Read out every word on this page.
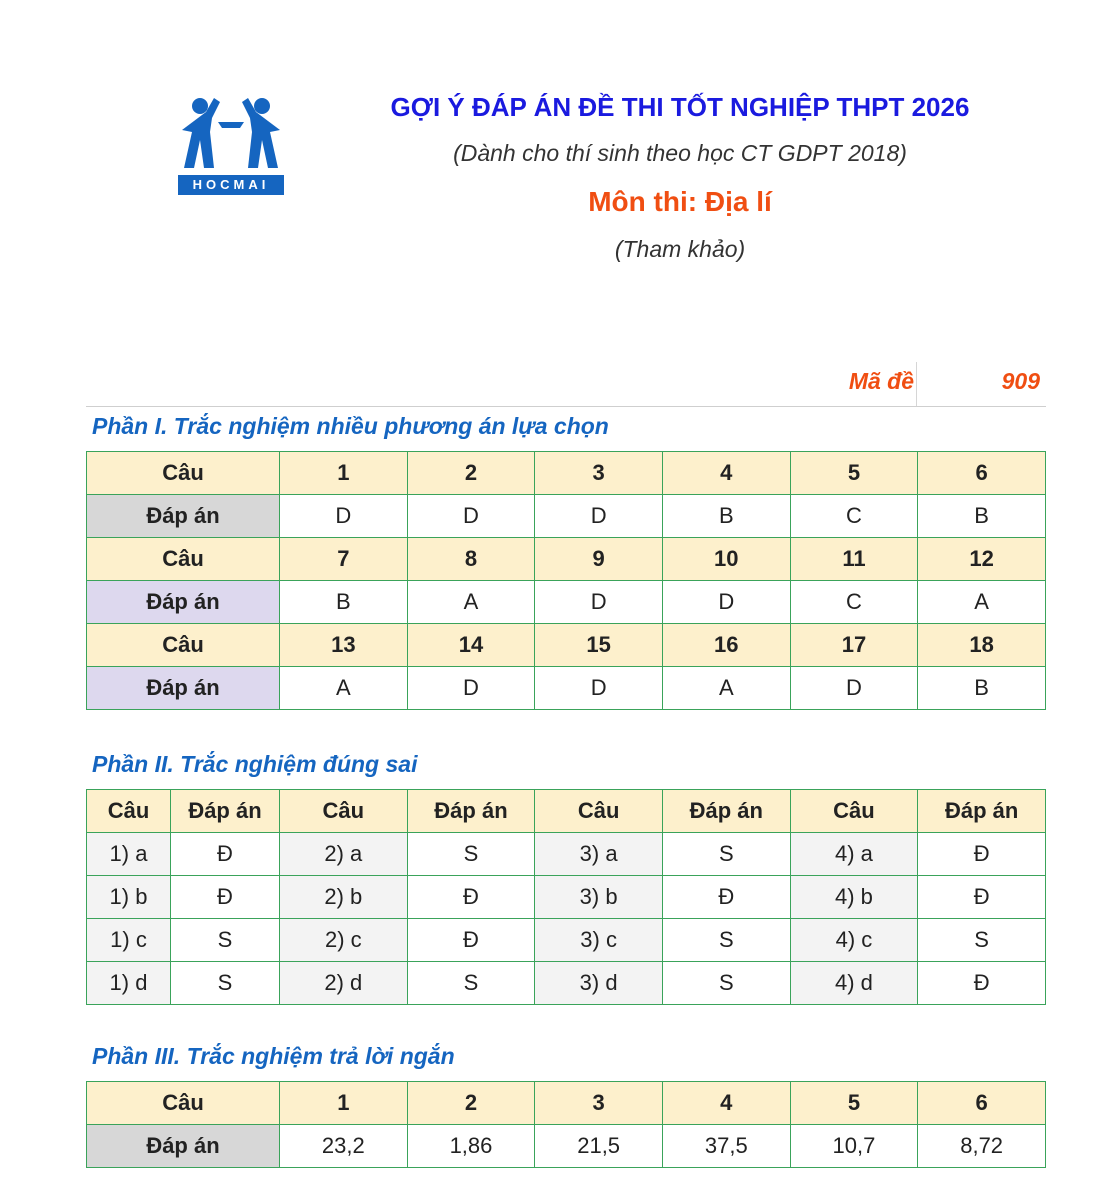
HOCMAI
GỢI Ý ĐÁP ÁN ĐỀ THI TỐT NGHIỆP THPT 2026
(Dành cho thí sinh theo học CT GDPT 2018)
Môn thi: Địa lí
(Tham khảo)
Mã đề	909
Phần I. Trắc nghiệm nhiều phương án lựa chọn
Câu	1	2	3	4	5	6
Đáp án	D	D	D	B	C	B
Câu	7	8	9	10	11	12
Đáp án	B	A	D	D	C	A
Câu	13	14	15	16	17	18
Đáp án	A	D	D	A	D	B
Phần II. Trắc nghiệm đúng sai
Câu	Đáp án	Câu	Đáp án	Câu	Đáp án	Câu	Đáp án
1) a	Đ	2) a	S	3) a	S	4) a	Đ
1) b	Đ	2) b	Đ	3) b	Đ	4) b	Đ
1) c	S	2) c	Đ	3) c	S	4) c	S
1) d	S	2) d	S	3) d	S	4) d	Đ
Phần III. Trắc nghiệm trả lời ngắn
Câu	1	2	3	4	5	6
Đáp án	23,2	1,86	21,5	37,5	10,7	8,72
